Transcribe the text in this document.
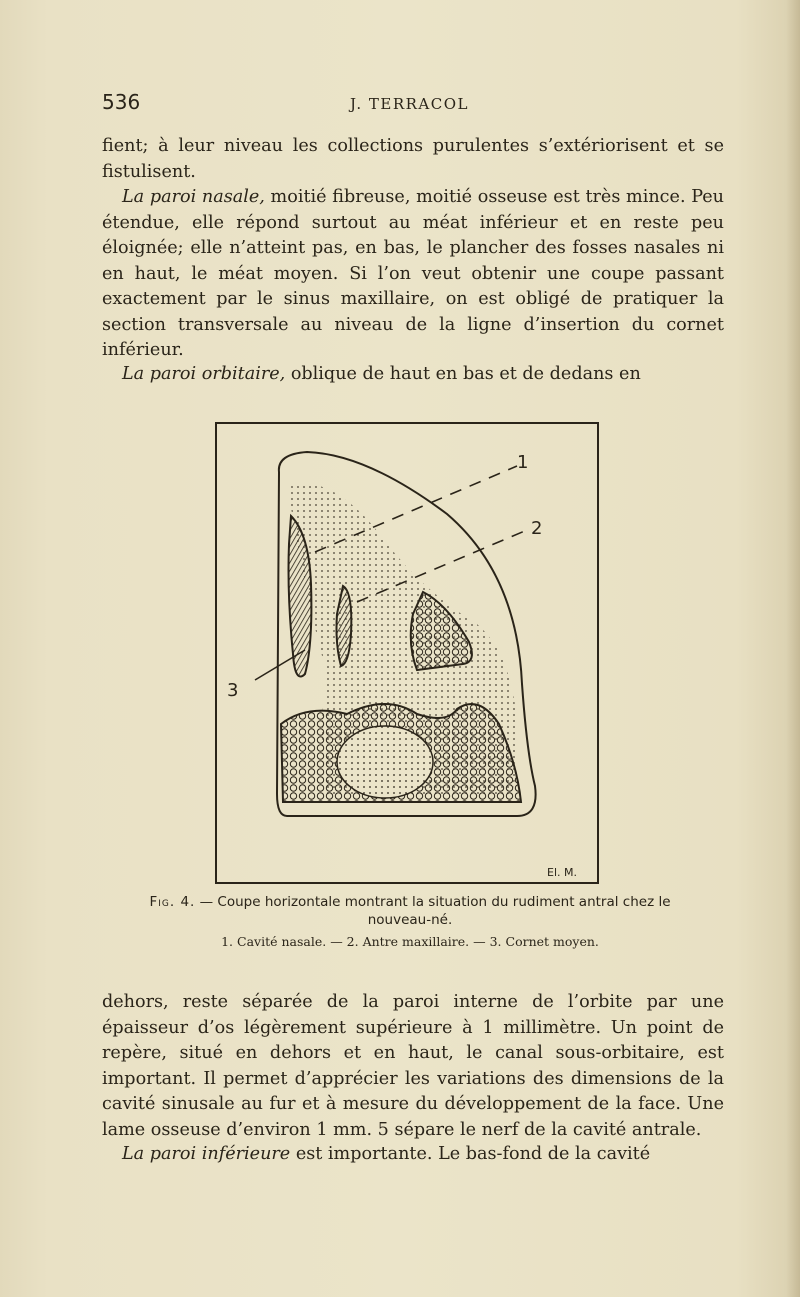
536	J. TERRACOL

fient; à leur niveau les collections purulentes s’extériorisent et se fistulisent.

La paroi nasale, moitié fibreuse, moitié osseuse est très mince. Peu étendue, elle répond surtout au méat inférieur et en reste peu éloignée; elle n’atteint pas, en bas, le plancher des fosses nasales ni en haut, le méat moyen. Si l’on veut obtenir une coupe passant exactement par le sinus maxillaire, on est obligé de pratiquer la section transversale au niveau de la ligne d’insertion du cornet inférieur.

La paroi orbitaire, oblique de haut en bas et de dedans en

1
2
3
El. M.
Fig. 4. — Coupe horizontale montrant la situation du rudiment antral chez le nouveau-né.
1. Cavité nasale. — 2. Antre maxillaire. — 3. Cornet moyen.

dehors, reste séparée de la paroi interne de l’orbite par une épaisseur d’os légèrement supérieure à 1 millimètre. Un point de repère, situé en dehors et en haut, le canal sous-orbitaire, est important. Il permet d’apprécier les variations des dimensions de la cavité sinusale au fur et à mesure du développement de la face. Une lame osseuse d’environ 1 mm. 5 sépare le nerf de la cavité antrale.

La paroi inférieure est importante. Le bas-fond de la cavité
